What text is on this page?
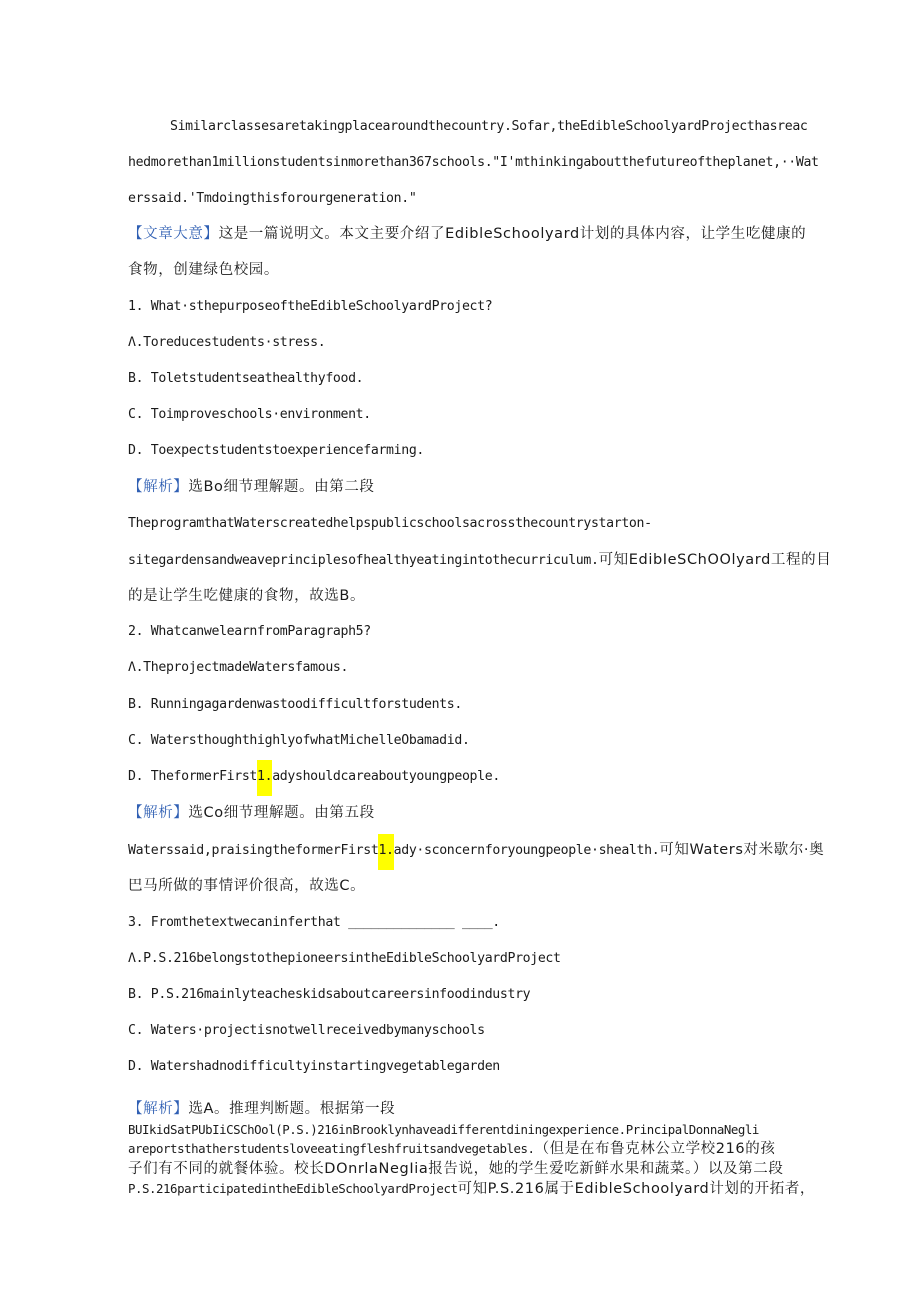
Similarclassesaretakingplacearoundthecountry.Sofar,theEdibleSchoolyardProjecthasreac
hedmorethan1millionstudentsinmorethan367schools."I'mthinkingaboutthefutureoftheplanet,··Wat
erssaid.'Tmdoingthisforourgeneration."
【文章大意】这是一篇说明文。本文主要介绍了EdibleSchoolyard计划的具体内容，让学生吃健康的
食物，创建绿色校园。
1. What·sthepurposeoftheEdibleSchoolyardProject?
Λ.Toreducestudents·stress.
B. Toletstudentseathealthyfood.
C. Toimproveschools·environment.
D. Toexpectstudentstoexperiencefarming.
【解析】选Bo细节理解题。由第二段
TheprogramthatWaterscreatedhelpspublicschoolsacrossthecountrystarton-
sitegardensandweaveprinciplesofhealthyeatingintothecurriculum.可知EdibIeSChOOlyard工程的目
的是让学生吃健康的食物，故选B。
2. WhatcanwelearnfromParagraph5?
Λ.TheprojectmadeWatersfamous.
B. Runningagardenwastoodifficultforstudents.
C. WatersthoughthighlyofwhatMichelleObamadid.
D. TheformerFirst1.adyshouldcareaboutyoungpeople.
【解析】选Co细节理解题。由第五段
Waterssaid,praisingtheformerFirst1.ady·sconcernforyoungpeople·shealth.可知Waters对米歇尔·奥
巴马所做的事情评价很高，故选C。
3. Fromthetextwecaninferthat ______________ ____.
Λ.P.S.216belongstothepioneersintheEdibleSchoolyardProject
B. P.S.216mainlyteacheskidsaboutcareersinfoodindustry
C. Waters·projectisnotwellreceivedbymanyschools
D. Watershadnodifficultyinstartingvegetablegarden
【解析】选A。推理判断题。根据第一段
BUIkidSatPUbIiCSChOol(P.S.)216inBrooklynhaveadifferentdiningexperience.PrincipalDonnaNegli
areportsthatherstudentsloveeatingfleshfruitsandvegetables.（但是在布鲁克林公立学校216的孩
子们有不同的就餐体验。校长DOnrlaNegIia报告说，她的学生爱吃新鲜水果和蔬菜。）以及第二段
P.S.216participatedintheEdibleSchoolyardProject可知P.S.216属于EdibleSchoolyard计划的开拓者，
